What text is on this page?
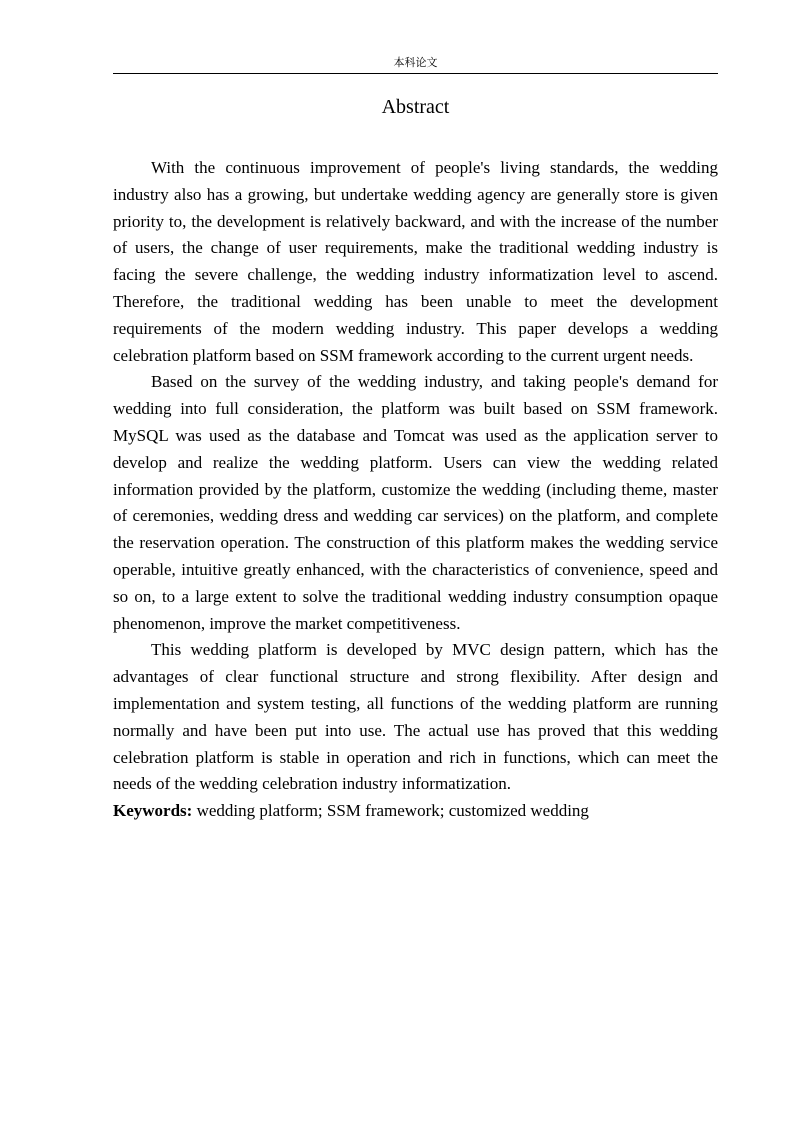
本科论文
Abstract

With the continuous improvement of people's living standards, the wedding industry also has a growing, but undertake wedding agency are generally store is given priority to, the development is relatively backward, and with the increase of the number of users, the change of user requirements, make the traditional wedding industry is facing the severe challenge, the wedding industry informatization level to ascend. Therefore, the traditional wedding has been unable to meet the development requirements of the modern wedding industry. This paper develops a wedding celebration platform based on SSM framework according to the current urgent needs.

Based on the survey of the wedding industry, and taking people's demand for wedding into full consideration, the platform was built based on SSM framework. MySQL was used as the database and Tomcat was used as the application server to develop and realize the wedding platform. Users can view the wedding related information provided by the platform, customize the wedding (including theme, master of ceremonies, wedding dress and wedding car services) on the platform, and complete the reservation operation. The construction of this platform makes the wedding service operable, intuitive greatly enhanced, with the characteristics of convenience, speed and so on, to a large extent to solve the traditional wedding industry consumption opaque phenomenon, improve the market competitiveness.

This wedding platform is developed by MVC design pattern, which has the advantages of clear functional structure and strong flexibility. After design and implementation and system testing, all functions of the wedding platform are running normally and have been put into use. The actual use has proved that this wedding celebration platform is stable in operation and rich in functions, which can meet the needs of the wedding celebration industry informatization.

Keywords: wedding platform; SSM framework; customized wedding
